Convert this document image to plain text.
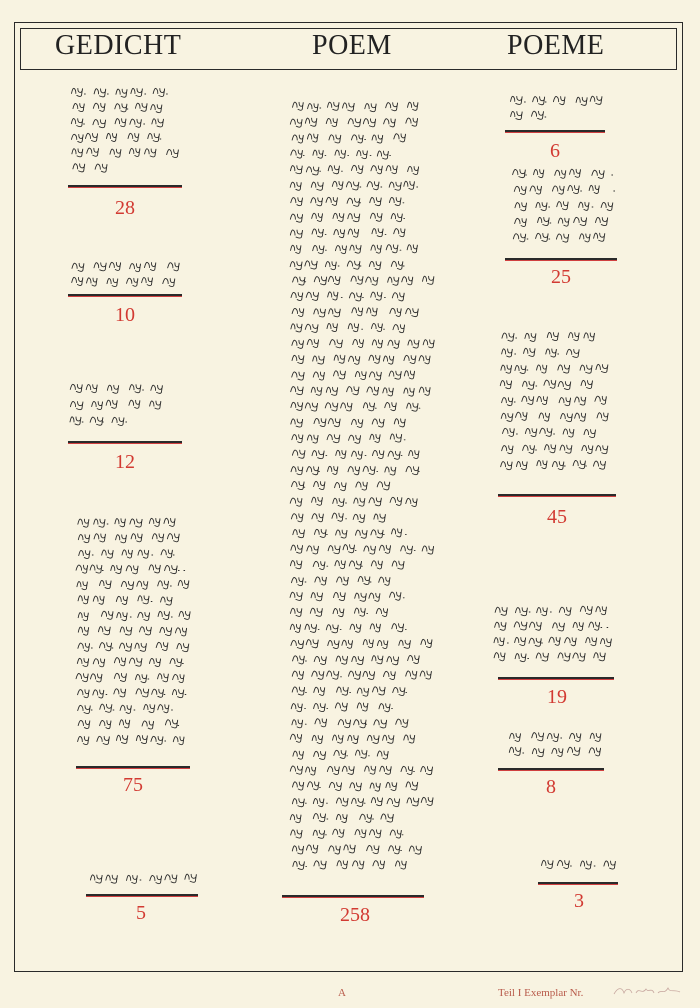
GEDICHT	POEM	POEME
28
10
12
75
5	258
6
25
45
19
8
3
A	Teil I Exemplar Nr.
